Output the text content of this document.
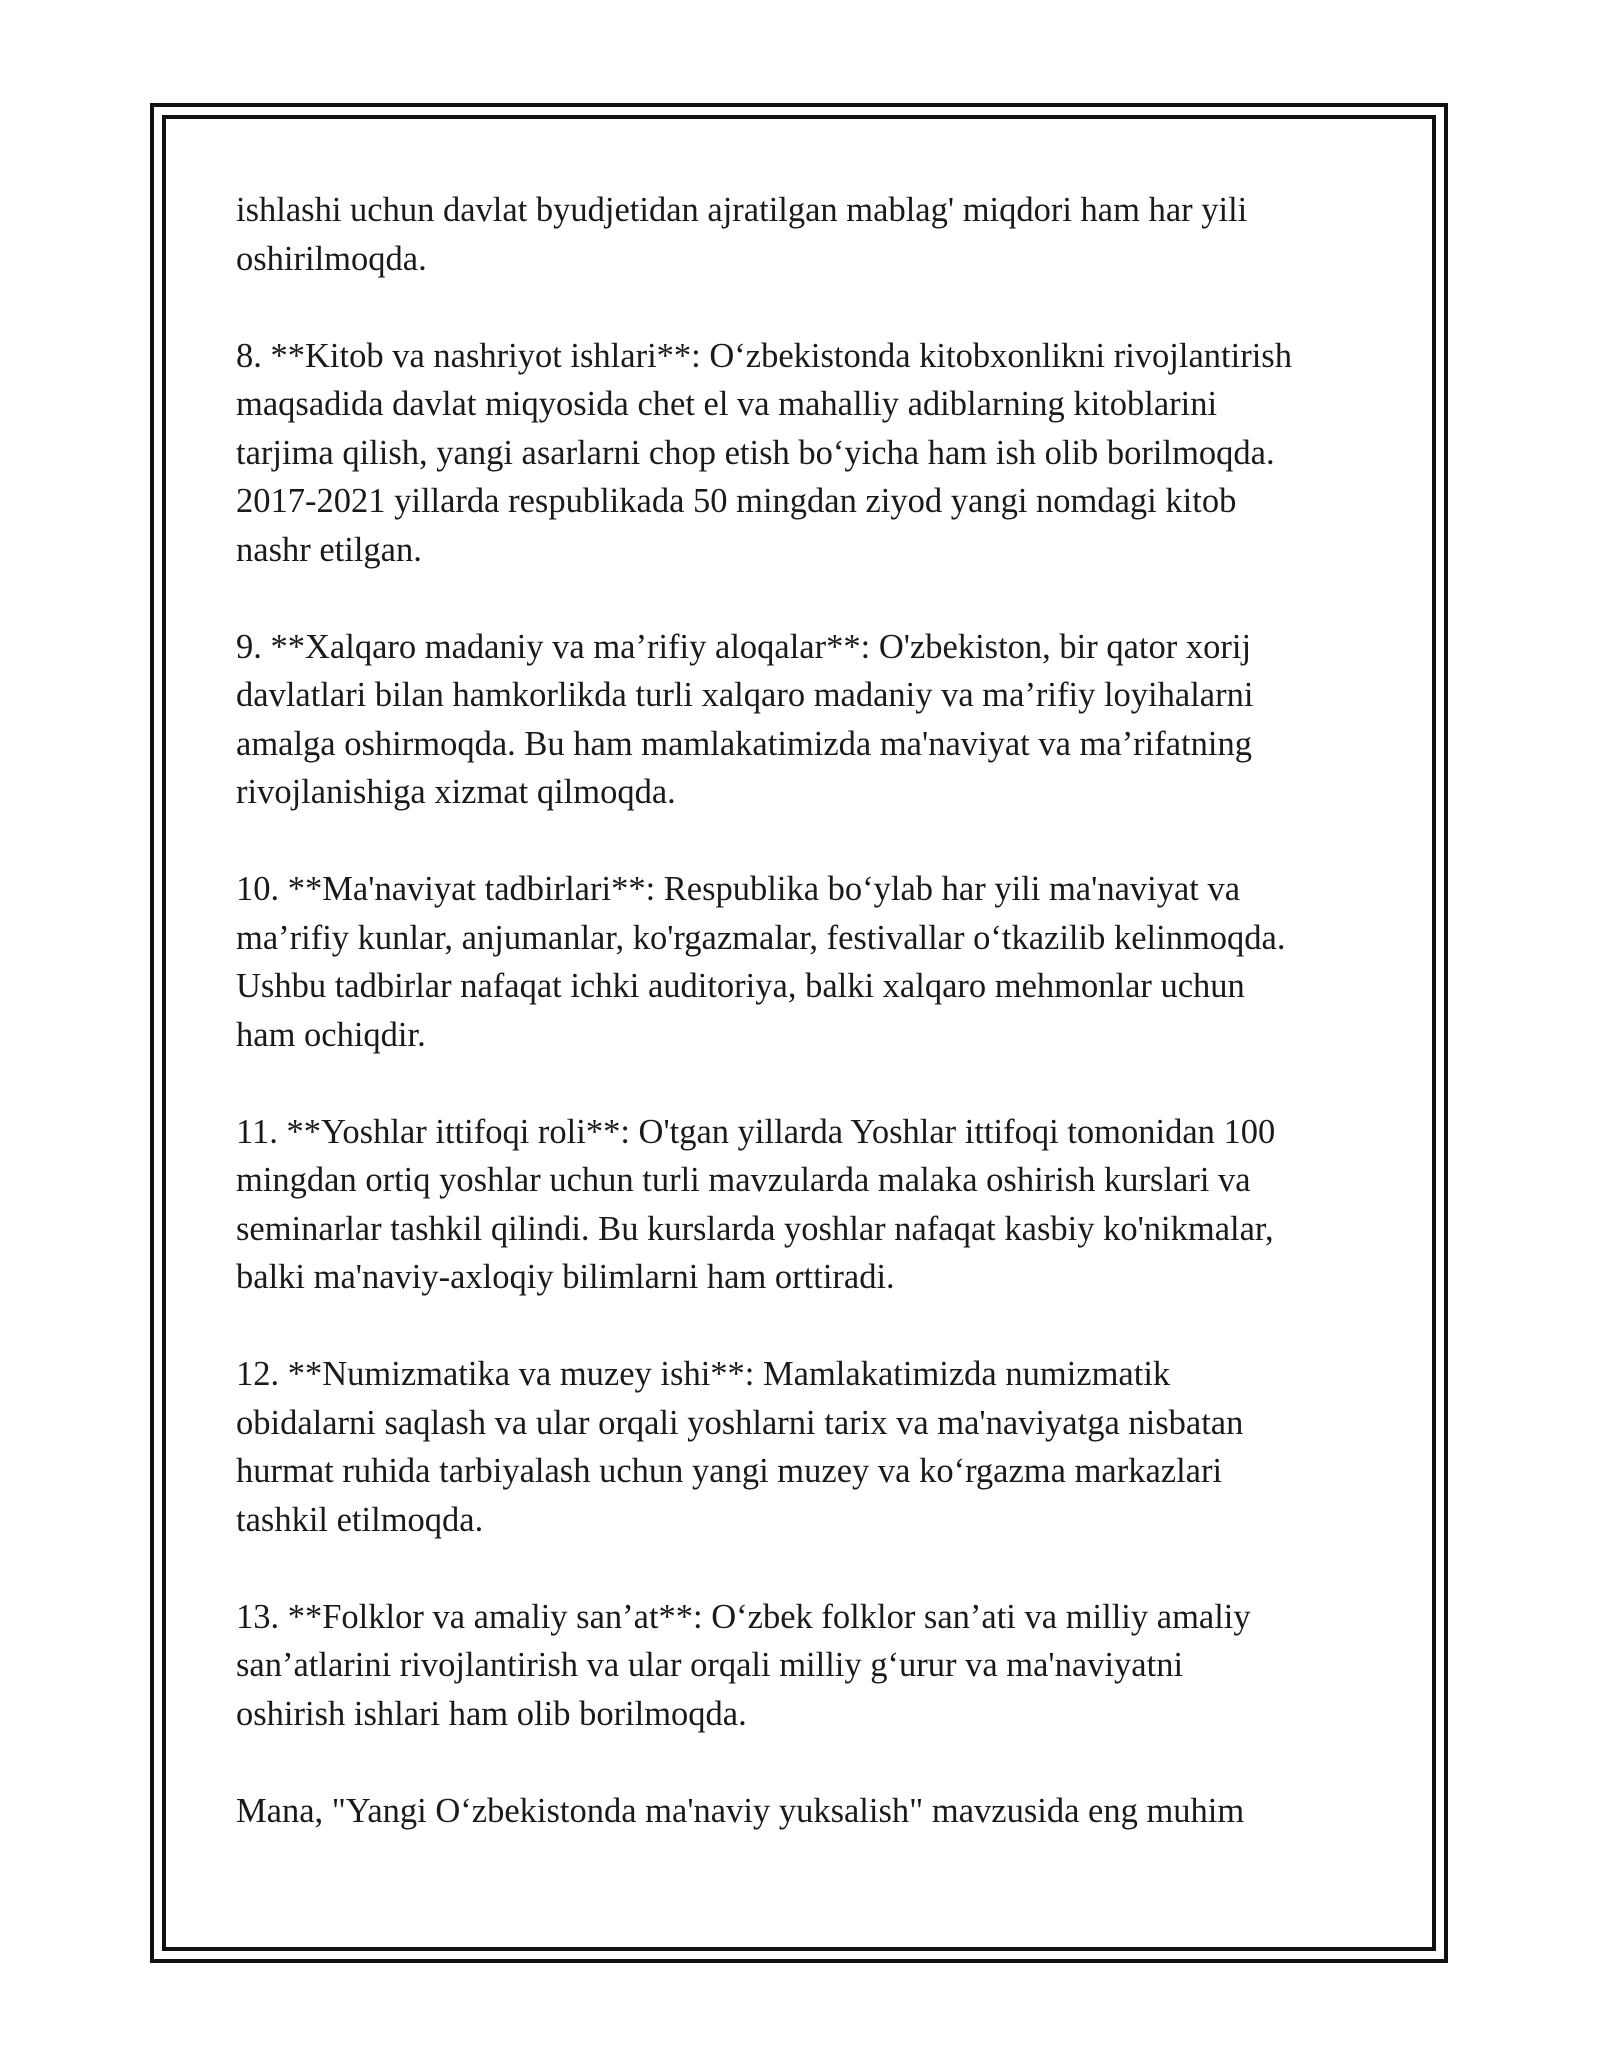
ishlashi uchun davlat byudjetidan ajratilgan mablag' miqdori ham har yili
oshirilmoqda.

8. **Kitob va nashriyot ishlari**: O‘zbekistonda kitobxonlikni rivojlantirish
maqsadida davlat miqyosida chet el va mahalliy adiblarning kitoblarini
tarjima qilish, yangi asarlarni chop etish bo‘yicha ham ish olib borilmoqda.
2017-2021 yillarda respublikada 50 mingdan ziyod yangi nomdagi kitob
nashr etilgan.

9. **Xalqaro madaniy va ma’rifiy aloqalar**: O'zbekiston, bir qator xorij
davlatlari bilan hamkorlikda turli xalqaro madaniy va ma’rifiy loyihalarni
amalga oshirmoqda. Bu ham mamlakatimizda ma'naviyat va ma’rifatning
rivojlanishiga xizmat qilmoqda.

10. **Ma'naviyat tadbirlari**: Respublika bo‘ylab har yili ma'naviyat va
ma’rifiy kunlar, anjumanlar, ko'rgazmalar, festivallar o‘tkazilib kelinmoqda.
Ushbu tadbirlar nafaqat ichki auditoriya, balki xalqaro mehmonlar uchun
ham ochiqdir.

11. **Yoshlar ittifoqi roli**: O'tgan yillarda Yoshlar ittifoqi tomonidan 100
mingdan ortiq yoshlar uchun turli mavzularda malaka oshirish kurslari va
seminarlar tashkil qilindi. Bu kurslarda yoshlar nafaqat kasbiy ko'nikmalar,
balki ma'naviy-axloqiy bilimlarni ham orttiradi.

12. **Numizmatika va muzey ishi**: Mamlakatimizda numizmatik
obidalarni saqlash va ular orqali yoshlarni tarix va ma'naviyatga nisbatan
hurmat ruhida tarbiyalash uchun yangi muzey va ko‘rgazma markazlari
tashkil etilmoqda.

13. **Folklor va amaliy san’at**: O‘zbek folklor san’ati va milliy amaliy
san’atlarini rivojlantirish va ular orqali milliy g‘urur va ma'naviyatni
oshirish ishlari ham olib borilmoqda.

Mana, "Yangi O‘zbekistonda ma'naviy yuksalish" mavzusida eng muhim
